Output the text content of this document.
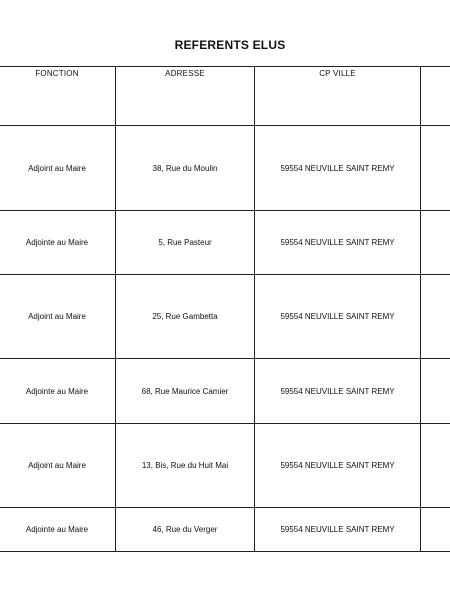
REFERENTS ELUS
FONCTION	ADRESSE	CP VILLE	
Adjoint au Maire	38, Rue du Moulin	59554 NEUVILLE SAINT REMY	
Adjointe au Maire	5, Rue Pasteur	59554 NEUVILLE SAINT REMY	
Adjoint au Maire	25, Rue Gambetta	59554 NEUVILLE SAINT REMY	
Adjointe au Maire	68, Rue Maurice Camier	59554 NEUVILLE SAINT REMY	
Adjoint au Maire	13, Bis, Rue du Huit Mai	59554 NEUVILLE SAINT REMY	
Adjointe au Maire	46, Rue du Verger	59554 NEUVILLE SAINT REMY	
